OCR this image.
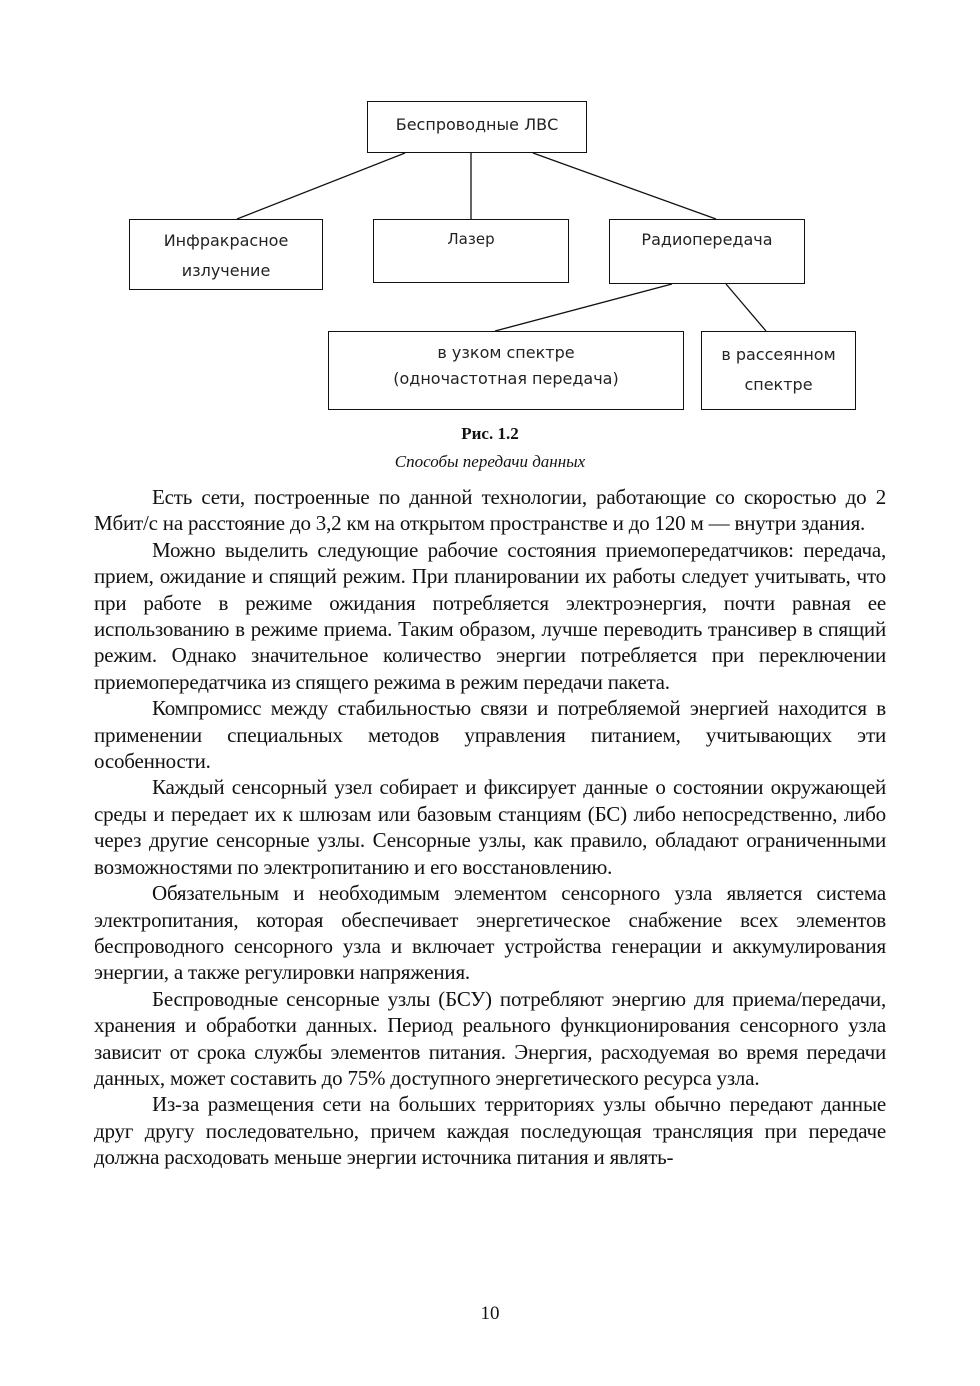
Беспроводные ЛВС
Инфракрасное
излучение
Лазер	Радиопередача
в узком спектре
(одночастотная передача)
в рассеянном
спектре
Рис. 1.2
Способы передачи данных

Есть сети, построенные по данной технологии, работающие со скоростью до 2 Мбит/с на расстояние до 3,2 км на открытом пространстве и до 120 м — внутри здания.

Можно выделить следующие рабочие состояния приемопередатчиков: передача, прием, ожидание и спящий режим. При планировании их работы следует учитывать, что при работе в режиме ожидания потребляется электроэнергия, почти равная ее использованию в режиме приема. Таким образом, лучше переводить трансивер в спящий режим. Однако значительное количество энергии потребляется при переключении приемопередатчика из спящего режима в режим передачи пакета.

Компромисс между стабильностью связи и потребляемой энергией находится в применении специальных методов управления питанием, учитывающих эти особенности.

Каждый сенсорный узел собирает и фиксирует данные о состоянии окружающей среды и передает их к шлюзам или базовым станциям (БС) либо непосредственно, либо через другие сенсорные узлы. Сенсорные узлы, как правило, обладают ограниченными возможностями по электропитанию и его восстановлению.

Обязательным и необходимым элементом сенсорного узла является система электропитания, которая обеспечивает энергетическое снабжение всех элементов беспроводного сенсорного узла и включает устройства генерации и аккумулирования энергии, а также регулировки напряжения.

Беспроводные сенсорные узлы (БСУ) потребляют энергию для приема/передачи, хранения и обработки данных. Период реального функционирования сенсорного узла зависит от срока службы элементов питания. Энергия, расходуемая во время передачи данных, может составить до 75% доступного энергетического ресурса узла.

Из-за размещения сети на больших территориях узлы обычно передают данные друг другу последовательно, причем каждая последующая трансляция при передаче должна расходовать меньше энергии источника питания и являть-

10
